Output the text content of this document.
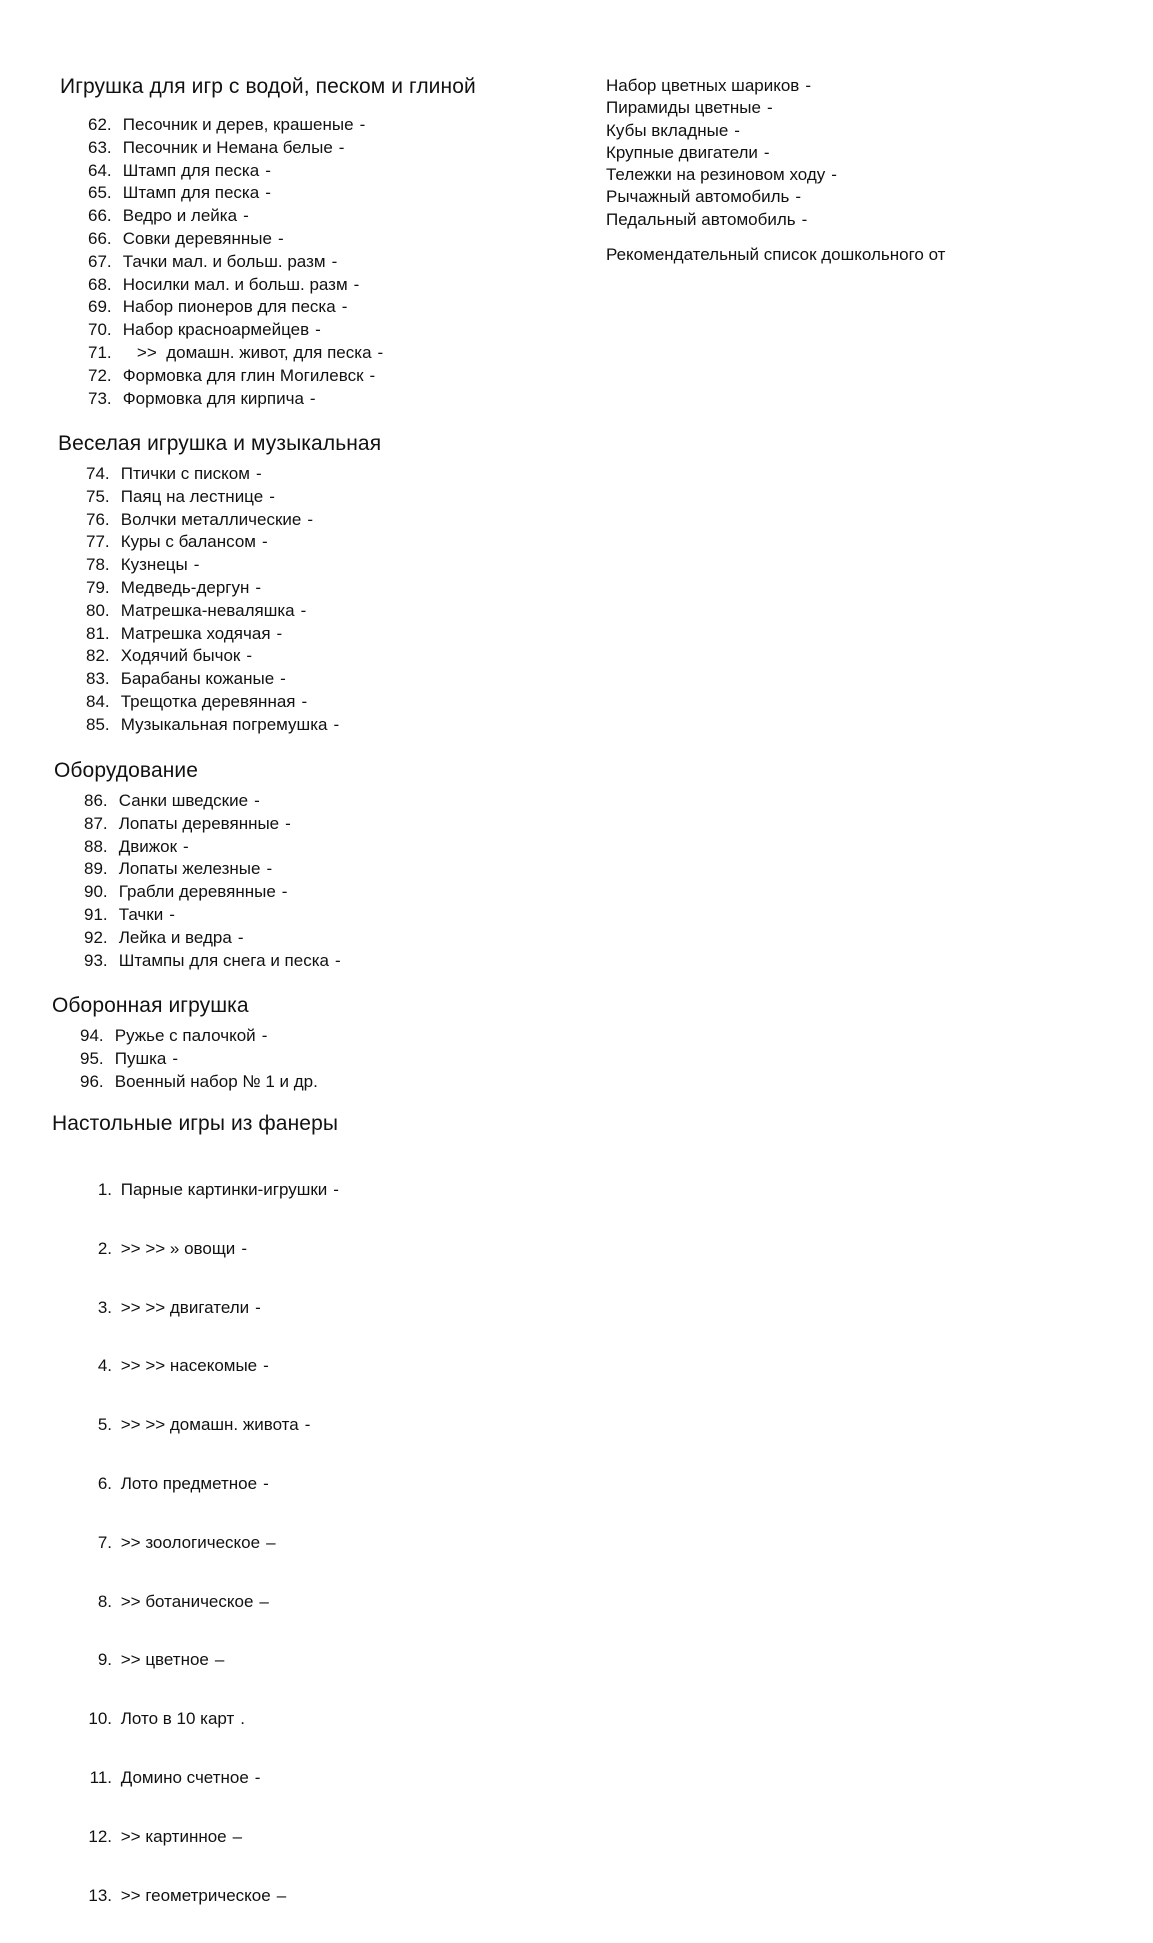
Игрушка для игр с водой, песком и глиной
62. Песочник и дерев, крашеные -
63. Песочник и Немана белые -
64. Штамп для песка -
65. Штамп для песка -
66. Ведро и лейка -
66. Совки деревянные -
67. Тачки мал. и больш. разм -
68. Носилки мал. и больш. разм -
69. Набор пионеров для песка -
70. Набор красноармейцев -
71.    >>  домашн. живот, для песка -
72. Формовка для глин Могилевск -
73. Формовка для кирпича -
Веселая игрушка и музыкальная
74. Птички с писком -
75. Паяц на лестнице -
76. Волчки металлические -
77. Куры с балансом -
78. Кузнецы -
79. Медведь-дергун -
80. Матрешка-неваляшка -
81. Матрешка ходячая -
82. Ходячий бычок -
83. Барабаны кожаные -
84. Трещотка деревянная -
85. Музыкальная погремушка -
Оборудование
86. Санки шведские -
87. Лопаты деревянные -
88. Движок -
89. Лопаты железные -
90. Грабли деревянные -
91. Тачки -
92. Лейка и ведра -
93. Штампы для снега и песка -
Оборонная игрушка
94. Ружье с палочкой -
95. Пушка -
96. Военный набор № 1 и др.
Настольные игры из фанеры

1. Парные картинки-игрушки -

2. >> >> » овощи -

3. >> >> двигатели -

4. >> >> насекомые -

5. >> >> домашн. живота -

6. Лото предметное -

7. >> зоологическое –

8. >> ботаническое –

9. >> цветное –

10. Лото в 10 карт .

11. Домино счетное -

12. >> картинное –

13. >> геометрическое –

Набор цветных шариков -
Пирамиды цветные -
Кубы вкладные -
Крупные двигатели -
Тележки на резиновом ходу -
Рычажный автомобиль -
Педальный автомобиль -
Рекомендательный список дошкольного от
